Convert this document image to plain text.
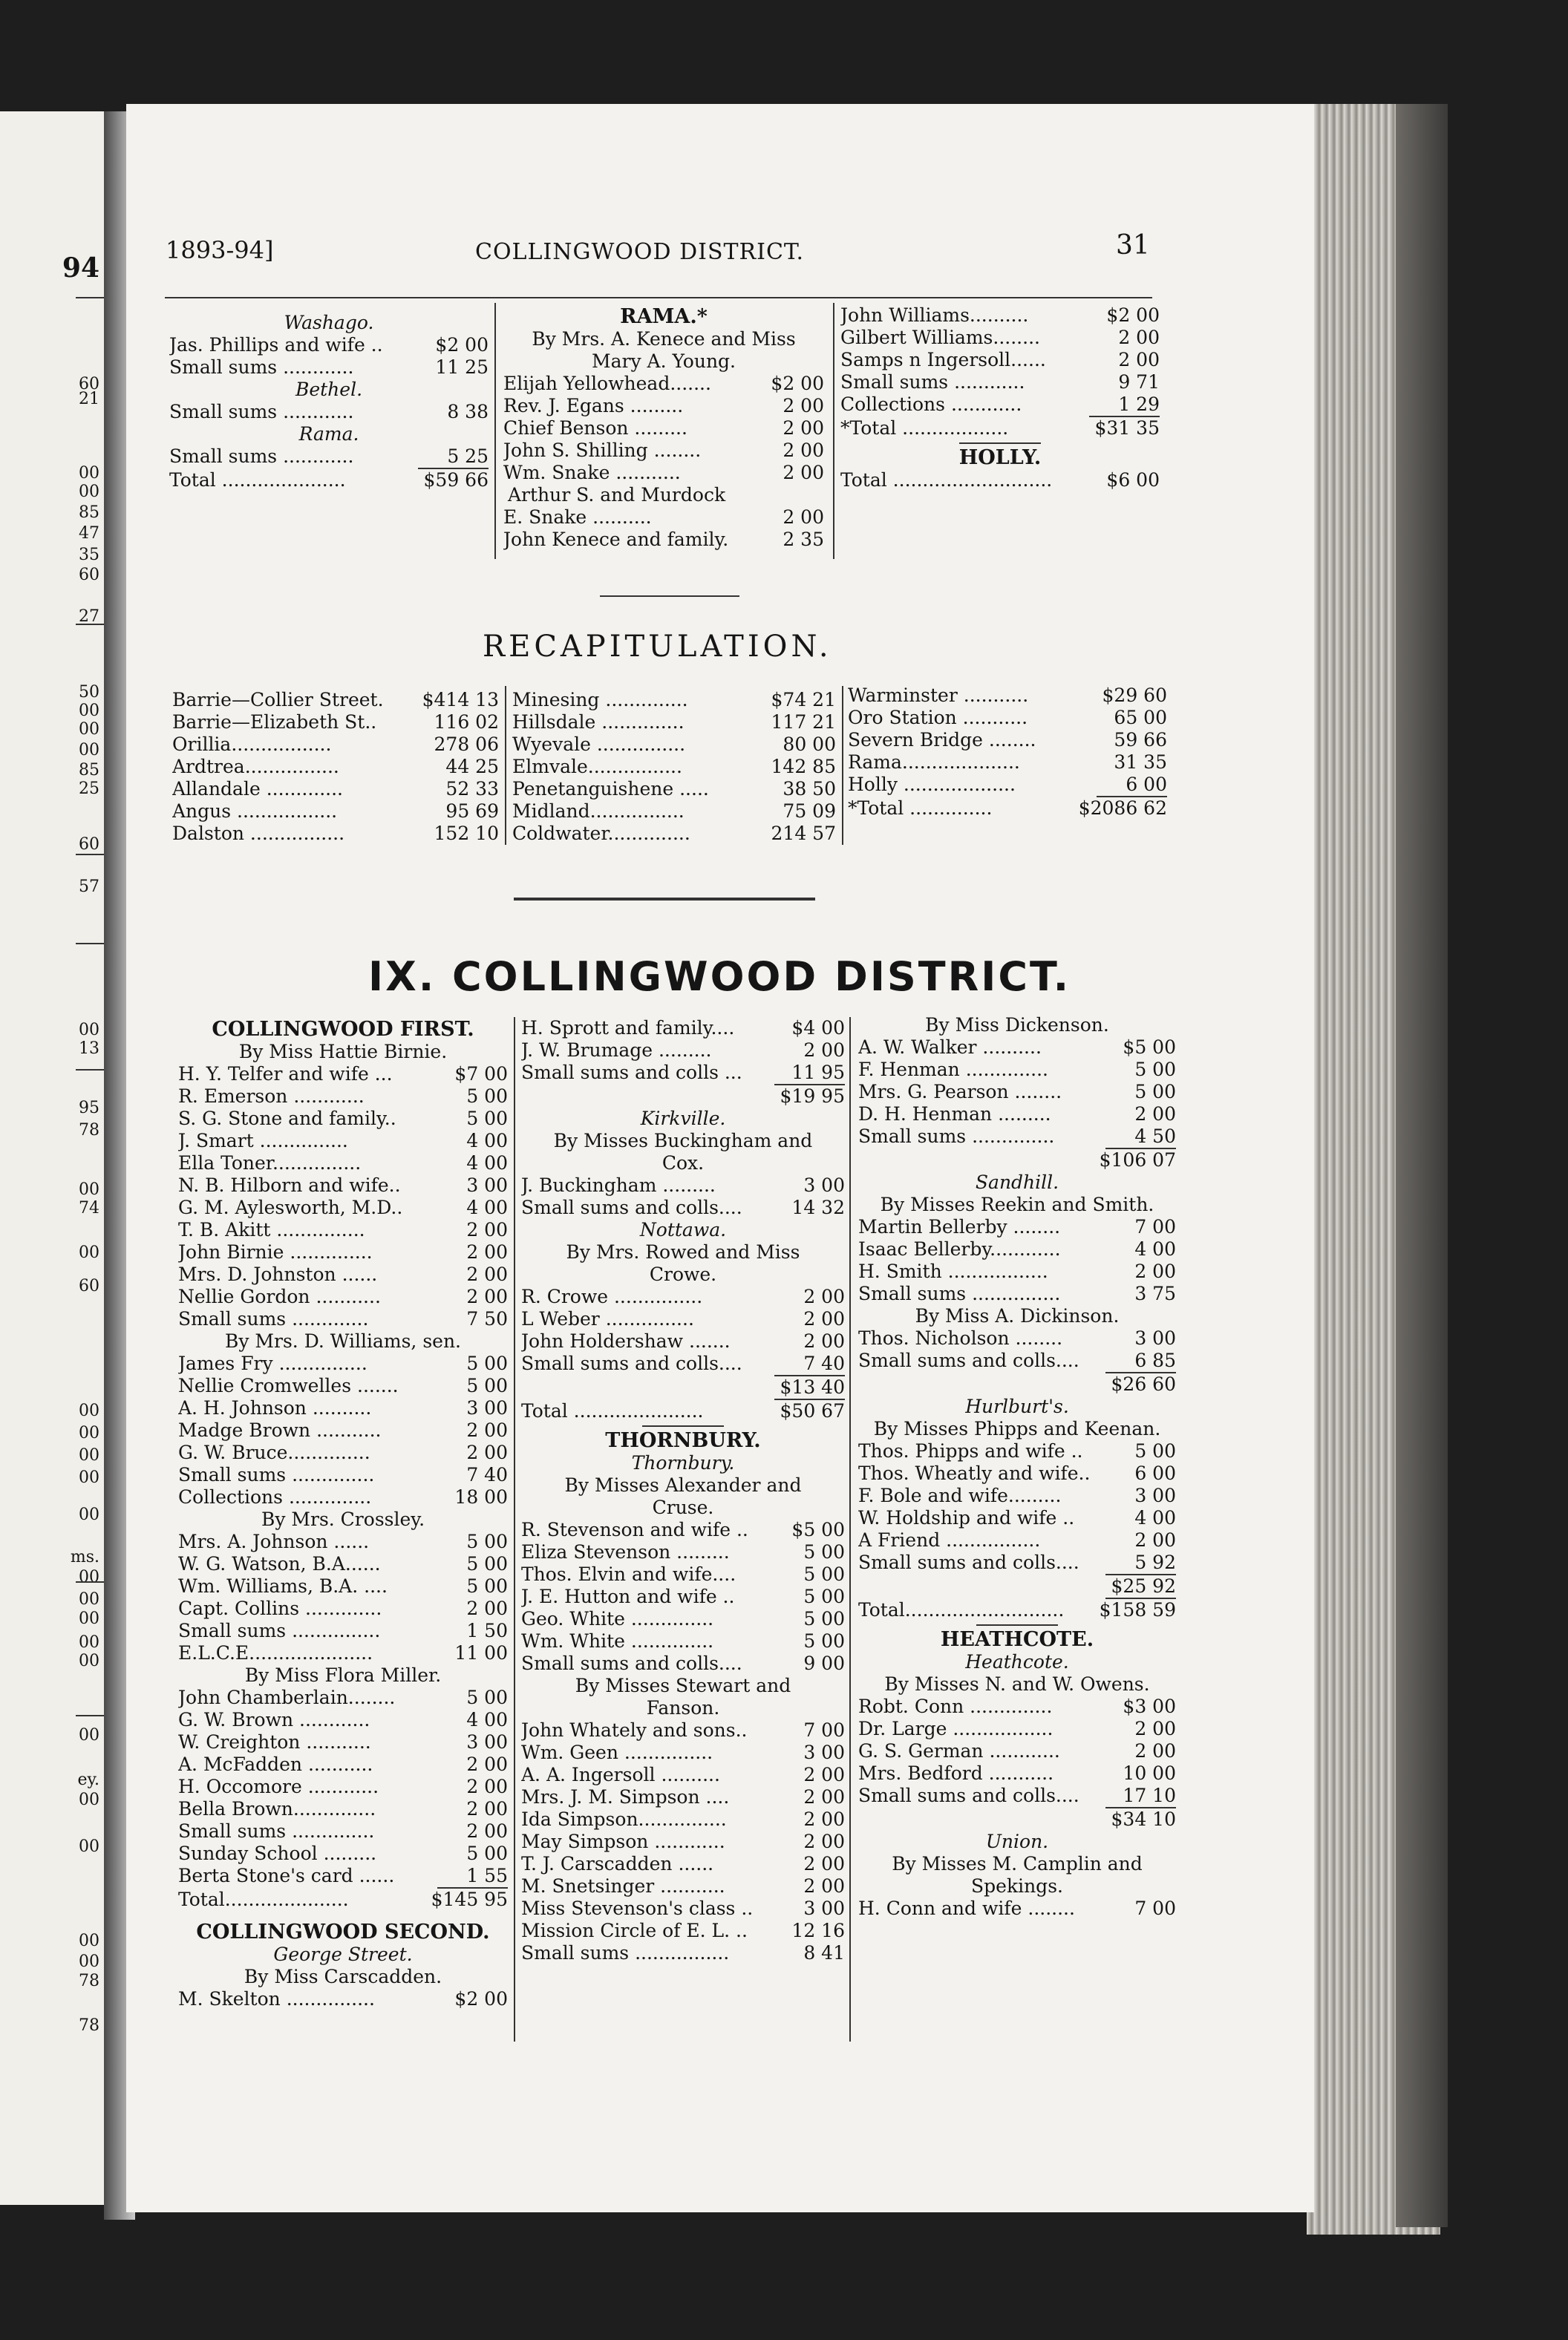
94
60
21
00
00
85
47
35
60
27
50
00
00
00
85
25
60
57
00
13
95
78
00
74
00
60
00
00
00
00
00
ms.
00
00
00
00
00
00
ey.
00
00
00
00
78
78
1893-94]	COLLINGWOOD DISTRICT.	31
Washago.
Jas. Phillips and wife ..	$2 00
Small sums ............	11 25
Bethel.
Small sums ............	8 38
Rama.
Small sums ............	5 25
Total .....................	$59 66
RAMA.*
By Mrs. A. Kenece and Miss
Mary A. Young.
Elijah Yellowhead.......	$2 00
Rev. J. Egans .........	2 00
Chief Benson .........	2 00
John S. Shilling ........	2 00
Wm. Snake ...........	2 00
Arthur S. and Murdock
E. Snake ..........	2 00
John Kenece and family.	2 35
John Williams..........	$2 00
Gilbert Williams........	2 00
Samps n Ingersoll......	2 00
Small sums ............	9 71
Collections ............	1 29
*Total ..................	$31 35
HOLLY.
Total ...........................	$6 00
RECAPITULATION.
Barrie—Collier Street.	$414 13
Barrie—Elizabeth St..	116 02
Orillia.................	278 06
Ardtrea................	44 25
Allandale .............	52 33
Angus .................	95 69
Dalston ................	152 10
Minesing ..............	$74 21
Hillsdale ..............	117 21
Wyevale ...............	80 00
Elmvale................	142 85
Penetanguishene .....	38 50
Midland................	75 09
Coldwater..............	214 57
Warminster ...........	$29 60
Oro Station ...........	65 00
Severn Bridge ........	59 66
Rama....................	31 35
Holly ...................	6 00
*Total ..............	$2086 62
IX. COLLINGWOOD DISTRICT.
COLLINGWOOD FIRST.
By Miss Hattie Birnie.
H. Y. Telfer and wife ...	$7 00
R. Emerson ............	5 00
S. G. Stone and family..	5 00
J. Smart ...............	4 00
Ella Toner...............	4 00
N. B. Hilborn and wife..	3 00
G. M. Aylesworth, M.D..	4 00
T. B. Akitt ...............	2 00
John Birnie ..............	2 00
Mrs. D. Johnston ......	2 00
Nellie Gordon ...........	2 00
Small sums .............	7 50
By Mrs. D. Williams, sen.
James Fry ...............	5 00
Nellie Cromwelles .......	5 00
A. H. Johnson ..........	3 00
Madge Brown ...........	2 00
G. W. Bruce..............	2 00
Small sums ..............	7 40
Collections ..............	18 00
By Mrs. Crossley.
Mrs. A. Johnson ......	5 00
W. G. Watson, B.A......	5 00
Wm. Williams, B.A. ....	5 00
Capt. Collins .............	2 00
Small sums ...............	1 50
E.L.C.E.....................	11 00
By Miss Flora Miller.
John Chamberlain........	5 00
G. W. Brown ............	4 00
W. Creighton ...........	3 00
A. McFadden ...........	2 00
H. Occomore ............	2 00
Bella Brown..............	2 00
Small sums ..............	2 00
Sunday School .........	5 00
Berta Stone's card ......	1 55
Total.....................	$145 95
COLLINGWOOD SECOND.
George Street.
By Miss Carscadden.
M. Skelton ...............	$2 00
H. Sprott and family....	$4 00
J. W. Brumage .........	2 00
Small sums and colls ...	11 95
$19 95
Kirkville.
By Misses Buckingham and
Cox.
J. Buckingham .........	3 00
Small sums and colls....	14 32
Nottawa.
By Mrs. Rowed and Miss
Crowe.
R. Crowe ...............	2 00
L Weber ...............	2 00
John Holdershaw .......	2 00
Small sums and colls....	7 40
$13 40
Total ......................	$50 67
THORNBURY.
Thornbury.
By Misses Alexander and
Cruse.
R. Stevenson and wife ..	$5 00
Eliza Stevenson .........	5 00
Thos. Elvin and wife....	5 00
J. E. Hutton and wife ..	5 00
Geo. White ..............	5 00
Wm. White ..............	5 00
Small sums and colls....	9 00
By Misses Stewart and
Fanson.
John Whately and sons..	7 00
Wm. Geen ...............	3 00
A. A. Ingersoll ..........	2 00
Mrs. J. M. Simpson ....	2 00
Ida Simpson...............	2 00
May Simpson ............	2 00
T. J. Carscadden ......	2 00
M. Snetsinger ...........	2 00
Miss Stevenson's class ..	3 00
Mission Circle of E. L. ..	12 16
Small sums ................	8 41
By Miss Dickenson.
A. W. Walker ..........	$5 00
F. Henman ..............	5 00
Mrs. G. Pearson ........	5 00
D. H. Henman .........	2 00
Small sums ..............	4 50
$106 07
Sandhill.
By Misses Reekin and Smith.
Martin Bellerby ........	7 00
Isaac Bellerby............	4 00
H. Smith .................	2 00
Small sums ...............	3 75
By Miss A. Dickinson.
Thos. Nicholson ........	3 00
Small sums and colls....	6 85
$26 60
Hurlburt's.
By Misses Phipps and Keenan.
Thos. Phipps and wife ..	5 00
Thos. Wheatly and wife..	6 00
F. Bole and wife.........	3 00
W. Holdship and wife ..	4 00
A Friend ................	2 00
Small sums and colls....	5 92
$25 92
Total...........................	$158 59
HEATHCOTE.
Heathcote.
By Misses N. and W. Owens.
Robt. Conn ..............	$3 00
Dr. Large .................	2 00
G. S. German ............	2 00
Mrs. Bedford ...........	10 00
Small sums and colls....	17 10
$34 10
Union.
By Misses M. Camplin and
Spekings.
H. Conn and wife ........	7 00
